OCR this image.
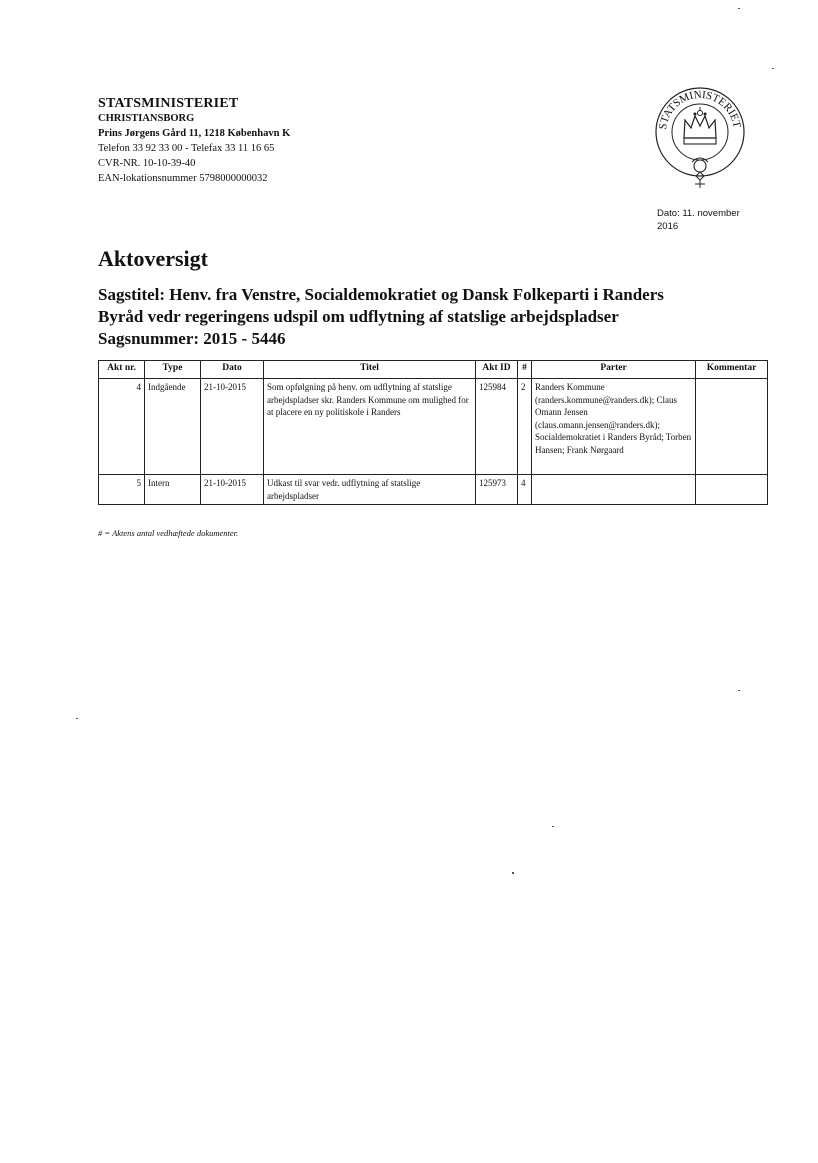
STATSMINISTERIET
CHRISTIANSBORG
Prins Jørgens Gård 11, 1218 København K
Telefon 33 92 33 00 - Telefax 33 11 16 65
CVR-NR. 10-10-39-40
EAN-lokationsnummer 5798000000032
STATSMINISTERIET
Dato: 11. november
2016
Aktoversigt
Sagstitel: Henv. fra Venstre, Socialdemokratiet og Dansk Folkeparti i Randers
Byråd vedr regeringens udspil om udflytning af statslige arbejdspladser
Sagsnummer: 2015 - 5446
Akt nr.	Type	Dato	Titel	Akt ID	#	Parter	Kommentar
4	Indgående	21-10-2015	Som opfølgning på henv. om udflytning af statslige arbejdspladser skr. Randers Kommune om mulighed for at placere en ny politiskole i Randers	125984	2	Randers Kommune (randers.kommune@randers.dk); Claus Omann Jensen (claus.omann.jensen@randers.dk); Socialdemokratiet i Randers Byråd; Torben Hansen; Frank Nørgaard	
5	Intern	21-10-2015	Udkast til svar vedr. udflytning af statslige arbejdspladser	125973	4		
# = Aktens antal vedhæftede dokumenter.
